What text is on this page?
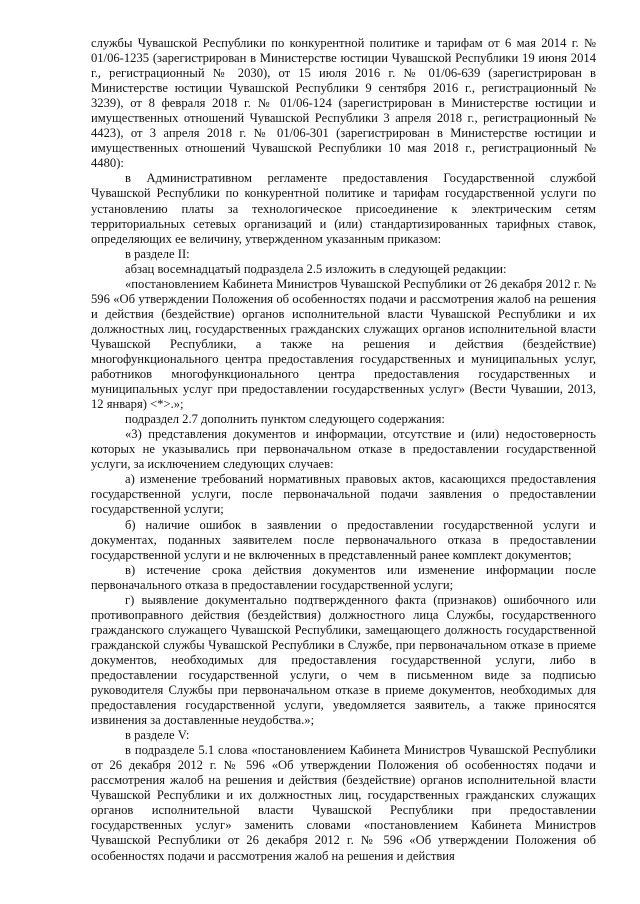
службы Чувашской Республики по конкурентной политике и тарифам от 6 мая 2014 г. № 01/06-1235 (зарегистрирован в Министерстве юстиции Чувашской Республики 19 июня 2014 г., регистрационный № 2030), от 15 июля 2016 г. № 01/06-639 (зарегистрирован в Министерстве юстиции Чувашской Республики 9 сентября 2016 г., регистрационный № 3239), от 8 февраля 2018 г. № 01/06-124 (зарегистрирован в Министерстве юстиции и имущественных отношений Чувашской Республики 3 апреля 2018 г., регистрационный № 4423), от 3 апреля 2018 г. № 01/06-301 (зарегистрирован в Министерстве юстиции и имущественных отношений Чувашской Республики 10 мая 2018 г., регистрационный № 4480):

в Административном регламенте предоставления Государственной службой Чувашской Республики по конкурентной политике и тарифам государственной услуги по установлению платы за технологическое присоединение к электрическим сетям территориальных сетевых организаций и (или) стандартизированных тарифных ставок, определяющих ее величину, утвержденном указанным приказом:

в разделе II:

абзац восемнадцатый подраздела 2.5 изложить в следующей редакции:

«постановлением Кабинета Министров Чувашской Республики от 26 декабря 2012 г. № 596 «Об утверждении Положения об особенностях подачи и рассмотрения жалоб на решения и действия (бездействие) органов исполнительной власти Чувашской Республики и их должностных лиц, государственных гражданских служащих органов исполнительной власти Чувашской Республики, а также на решения и действия (бездействие) многофункционального центра предоставления государственных и муниципальных услуг, работников многофункционального центра предоставления государственных и муниципальных услуг при предоставлении государственных услуг» (Вести Чувашии, 2013, 12 января) <*>.»;

подраздел 2.7 дополнить пунктом следующего содержания:

«3) представления документов и информации, отсутствие и (или) недостоверность которых не указывались при первоначальном отказе в предоставлении государственной услуги, за исключением следующих случаев:

а) изменение требований нормативных правовых актов, касающихся предоставления государственной услуги, после первоначальной подачи заявления о предоставлении государственной услуги;

б) наличие ошибок в заявлении о предоставлении государственной услуги и документах, поданных заявителем после первоначального отказа в предоставлении государственной услуги и не включенных в представленный ранее комплект документов;

в) истечение срока действия документов или изменение информации после первоначального отказа в предоставлении государственной услуги;

г) выявление документально подтвержденного факта (признаков) ошибочного или противоправного действия (бездействия) должностного лица Службы, государственного гражданского служащего Чувашской Республики, замещающего должность государственной гражданской службы Чувашской Республики в Службе, при первоначальном отказе в приеме документов, необходимых для предоставления государственной услуги, либо в предоставлении государственной услуги, о чем в письменном виде за подписью руководителя Службы при первоначальном отказе в приеме документов, необходимых для предоставления государственной услуги, уведомляется заявитель, а также приносятся извинения за доставленные неудобства.»;

в разделе V:

в подразделе 5.1 слова «постановлением Кабинета Министров Чувашской Республики от 26 декабря 2012 г. № 596 «Об утверждении Положения об особенностях подачи и рассмотрения жалоб на решения и действия (бездействие) органов исполнительной власти Чувашской Республики и их должностных лиц, государственных гражданских служащих органов исполнительной власти Чувашской Республики при предоставлении государственных услуг» заменить словами «постановлением Кабинета Министров Чувашской Республики от 26 декабря 2012 г. № 596 «Об утверждении Положения об особенностях подачи и рассмотрения жалоб на решения и действия
